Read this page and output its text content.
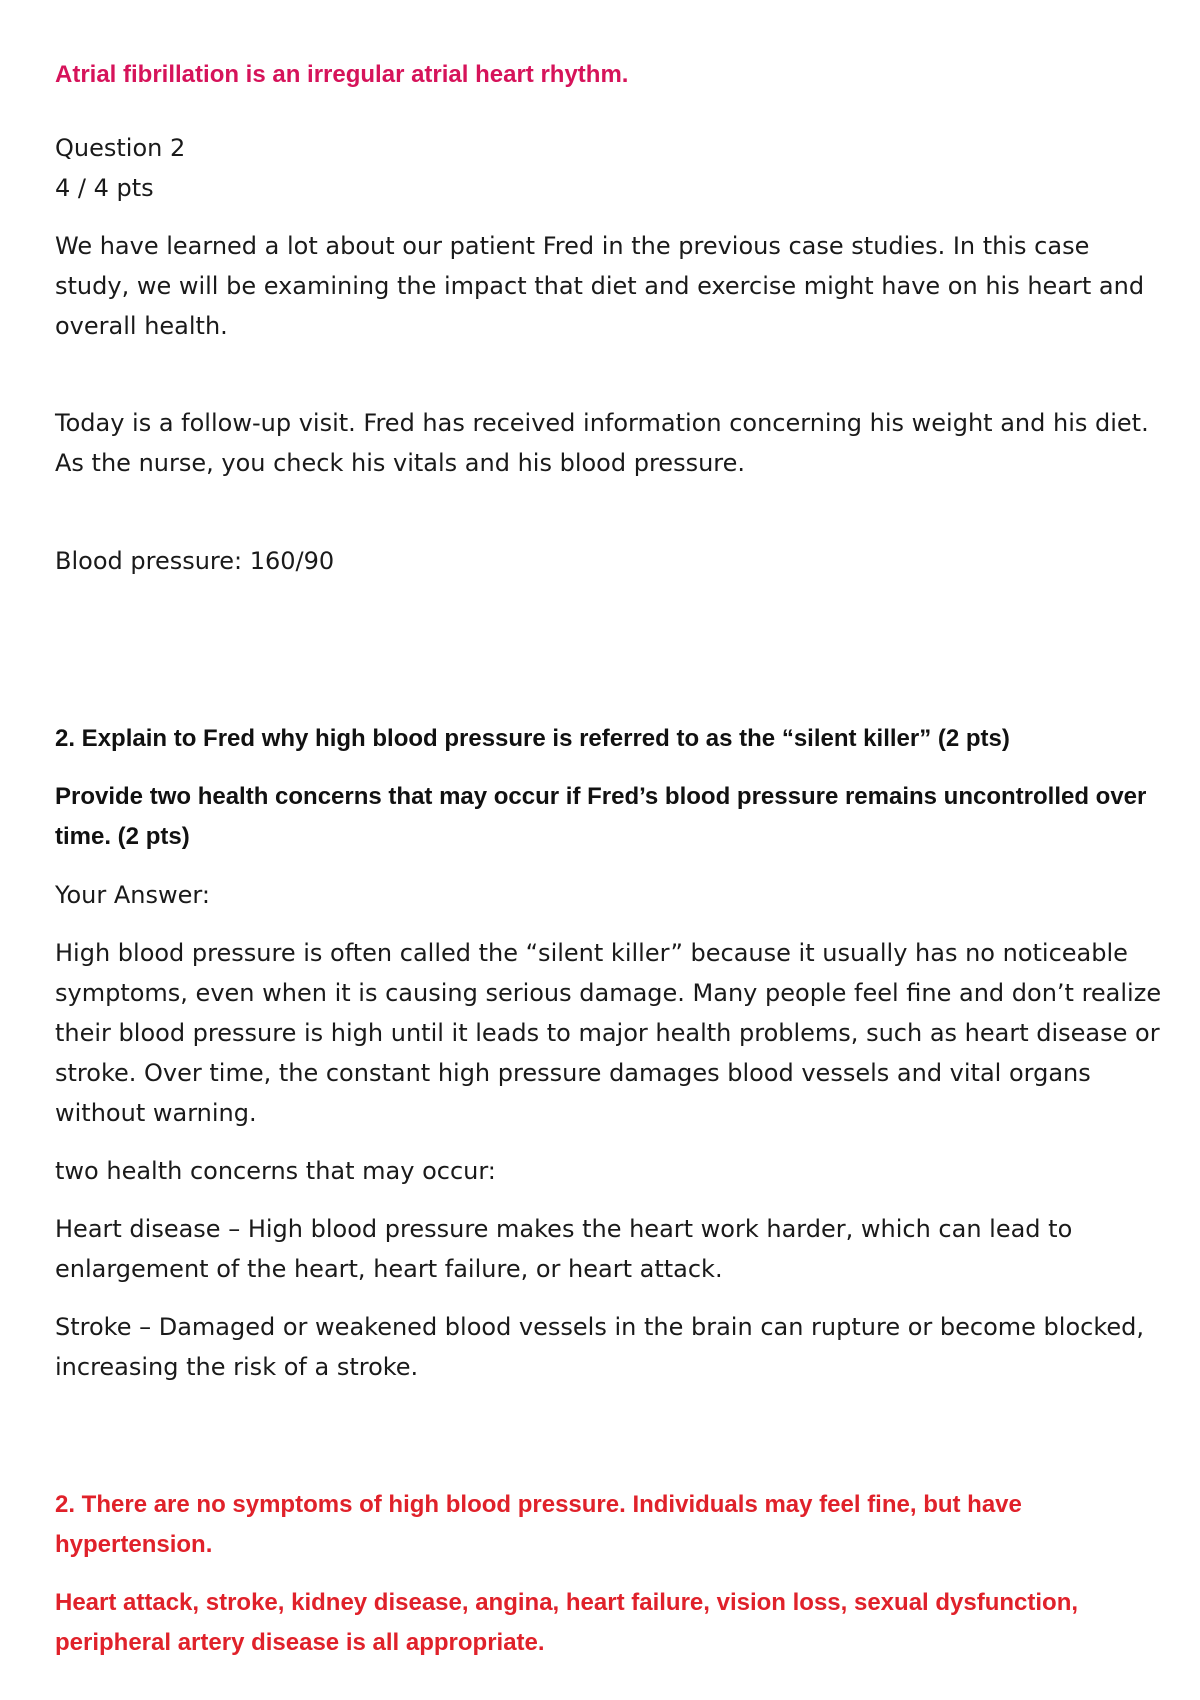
Atrial fibrillation is an irregular atrial heart rhythm.

Question 2

4 / 4 pts

We have learned a lot about our patient Fred in the previous case studies. In this case study, we will be examining the impact that diet and exercise might have on his heart and overall health.

Today is a follow-up visit. Fred has received information concerning his weight and his diet. As the nurse, you check his vitals and his blood pressure.

Blood pressure: 160/90

2. Explain to Fred why high blood pressure is referred to as the “silent killer” (2 pts)

Provide two health concerns that may occur if Fred’s blood pressure remains uncontrolled over time. (2 pts)

Your Answer:

High blood pressure is often called the “silent killer” because it usually has no noticeable symptoms, even when it is causing serious damage. Many people feel fine and don’t realize their blood pressure is high until it leads to major health problems, such as heart disease or stroke. Over time, the constant high pressure damages blood vessels and vital organs without warning.

two health concerns that may occur:

Heart disease – High blood pressure makes the heart work harder, which can lead to enlargement of the heart, heart failure, or heart attack.

Stroke – Damaged or weakened blood vessels in the brain can rupture or become blocked, increasing the risk of a stroke.

2. There are no symptoms of high blood pressure. Individuals may feel fine, but have hypertension.

Heart attack, stroke, kidney disease, angina, heart failure, vision loss, sexual dysfunction, peripheral artery disease is all appropriate.
